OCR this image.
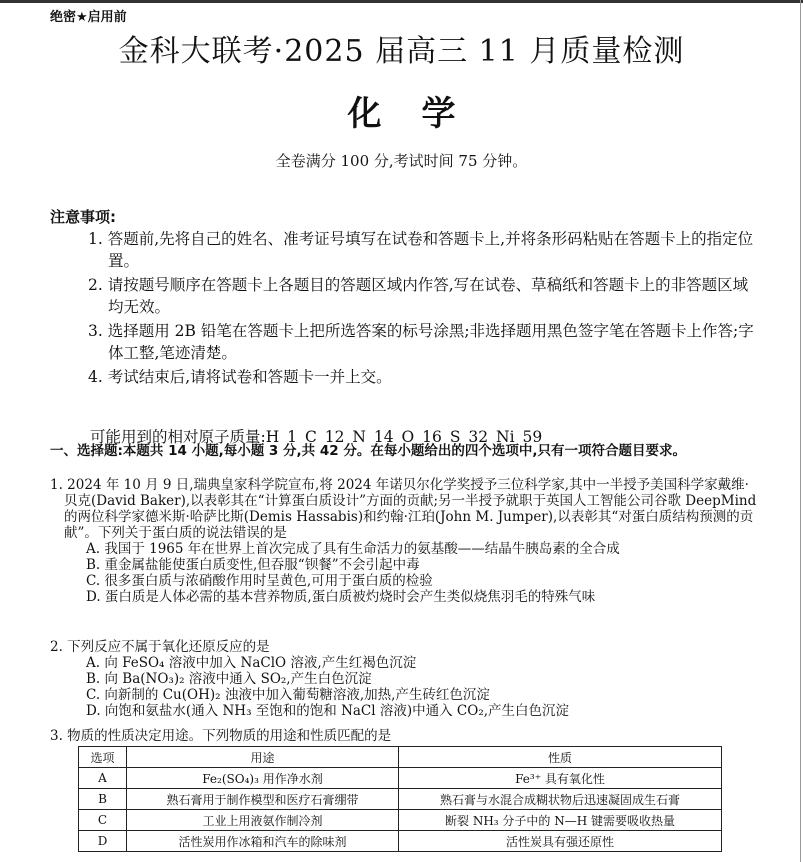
绝密★启用前
金科大联考·2025 届高三 11 月质量检测
化学
全卷满分 100 分,考试时间 75 分钟。
注意事项:
1. 答题前,先将自己的姓名、准考证号填写在试卷和答题卡上,并将条形码粘贴在答题卡上的指定位置。
2. 请按题号顺序在答题卡上各题目的答题区域内作答,写在试卷、草稿纸和答题卡上的非答题区域均无效。
3. 选择题用 2B 铅笔在答题卡上把所选答案的标号涂黑;非选择题用黑色签字笔在答题卡上作答;字体工整,笔迹清楚。
4. 考试结束后,请将试卷和答题卡一并上交。
可能用到的相对原子质量:H 1 C 12 N 14 O 16 S 32 Ni 59
一、选择题:本题共 14 小题,每小题 3 分,共 42 分。在每小题给出的四个选项中,只有一项符合题目要求。

1. 2024 年 10 月 9 日,瑞典皇家科学院宣布,将 2024 年诺贝尔化学奖授予三位科学家,其中一半授予美国科学家戴维·贝克(David Baker),以表彰其在“计算蛋白质设计”方面的贡献;另一半授予就职于英国人工智能公司谷歌 DeepMind 的两位科学家德米斯·哈萨比斯(Demis Hassabis)和约翰·江珀(John M. Jumper),以表彰其“对蛋白质结构预测的贡献”。下列关于蛋白质的说法错误的是

A. 我国于 1965 年在世界上首次完成了具有生命活力的氨基酸——结晶牛胰岛素的全合成

B. 重金属盐能使蛋白质变性,但吞服“钡餐”不会引起中毒

C. 很多蛋白质与浓硝酸作用时呈黄色,可用于蛋白质的检验

D. 蛋白质是人体必需的基本营养物质,蛋白质被灼烧时会产生类似烧焦羽毛的特殊气味

2. 下列反应不属于氧化还原反应的是

A. 向 FeSO₄ 溶液中加入 NaClO 溶液,产生红褐色沉淀

B. 向 Ba(NO₃)₂ 溶液中通入 SO₂,产生白色沉淀

C. 向新制的 Cu(OH)₂ 浊液中加入葡萄糖溶液,加热,产生砖红色沉淀

D. 向饱和氨盐水(通入 NH₃ 至饱和的饱和 NaCl 溶液)中通入 CO₂,产生白色沉淀

3. 物质的性质决定用途。下列物质的用途和性质匹配的是

选项	用途	性质
A	Fe₂(SO₄)₃ 用作净水剂	Fe³⁺ 具有氧化性
B	熟石膏用于制作模型和医疗石膏绷带	熟石膏与水混合成糊状物后迅速凝固成生石膏
C	工业上用液氨作制冷剂	断裂 NH₃ 分子中的 N—H 键需要吸收热量
D	活性炭用作冰箱和汽车的除味剂	活性炭具有强还原性
